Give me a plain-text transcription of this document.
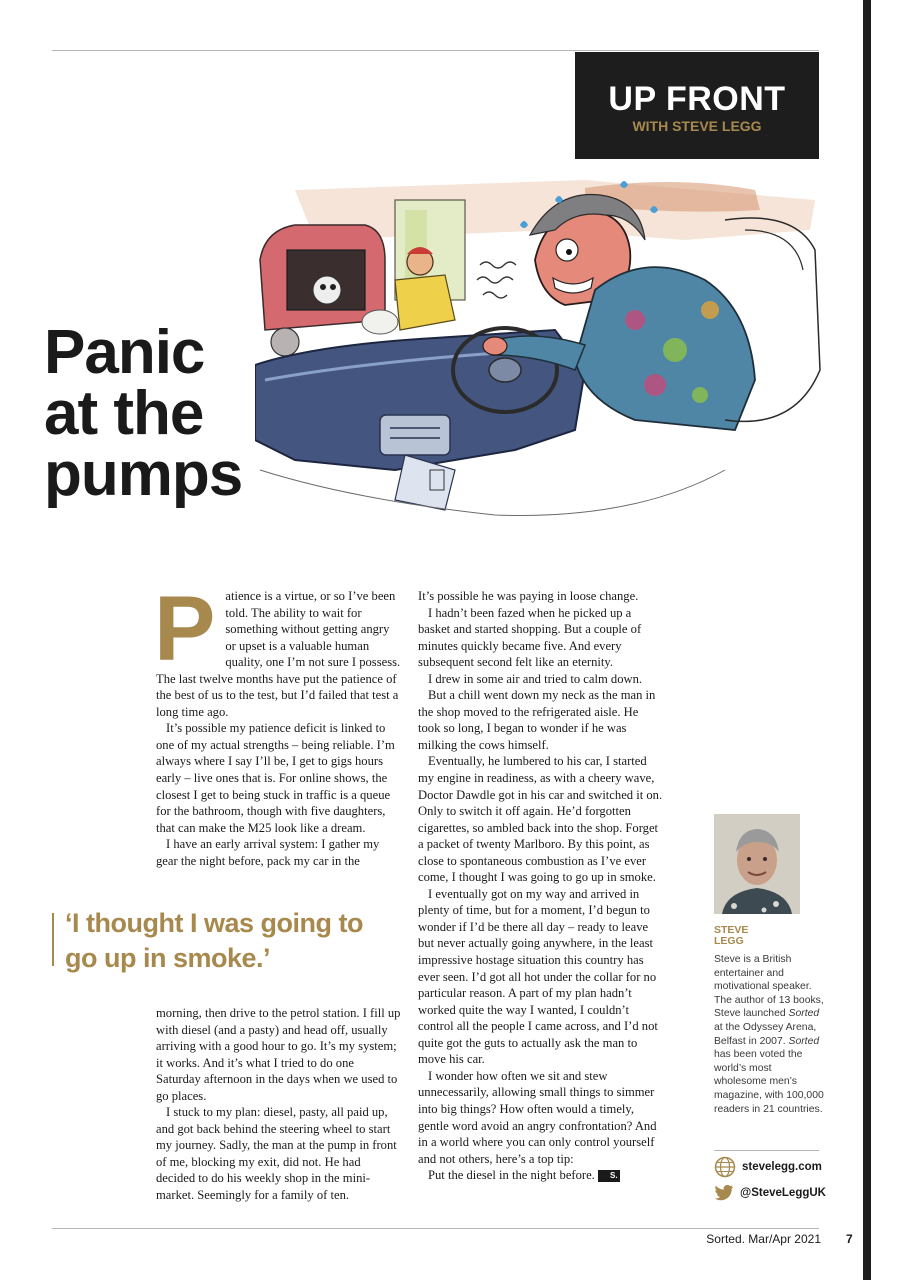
UP FRONT
WITH STEVE LEGG
Panic
at the
pumps

Patience is a virtue, or so I’ve been told. The ability to wait for something without getting angry or upset is a valuable human quality, one I’m not sure I possess. The last twelve months have put the patience of the best of us to the test, but I’d failed that test a long time ago.

It’s possible my patience deficit is linked to one of my actual strengths – being reliable. I’m always where I say I’ll be, I get to gigs hours early – live ones that is. For online shows, the closest I get to being stuck in traffic is a queue for the bathroom, though with five daughters, that can make the M25 look like a dream.

I have an early arrival system: I gather my gear the night before, pack my car in the

‘I thought I was going to go up in smoke.’

morning, then drive to the petrol station. I fill up with diesel (and a pasty) and head off, usually arriving with a good hour to go. It’s my system; it works. And it’s what I tried to do one Saturday afternoon in the days when we used to go places.

I stuck to my plan: diesel, pasty, all paid up, and got back behind the steering wheel to start my journey. Sadly, the man at the pump in front of me, blocking my exit, did not. He had decided to do his weekly shop in the mini-market. Seemingly for a family of ten.

It’s possible he was paying in loose change.

I hadn’t been fazed when he picked up a basket and started shopping. But a couple of minutes quickly became five. And every subsequent second felt like an eternity.

I drew in some air and tried to calm down.

But a chill went down my neck as the man in the shop moved to the refrigerated aisle. He took so long, I began to wonder if he was milking the cows himself.

Eventually, he lumbered to his car, I started my engine in readiness, as with a cheery wave, Doctor Dawdle got in his car and switched it on. Only to switch it off again. He’d forgotten cigarettes, so ambled back into the shop. Forget a packet of twenty Marlboro. By this point, as close to spontaneous combustion as I’ve ever come, I thought I was going to go up in smoke.

I eventually got on my way and arrived in plenty of time, but for a moment, I’d begun to wonder if I’d be there all day – ready to leave but never actually going anywhere, in the least impressive hostage situation this country has ever seen. I’d got all hot under the collar for no particular reason. A part of my plan hadn’t worked quite the way I wanted, I couldn’t control all the people I came across, and I’d not quite got the guts to actually ask the man to move his car.

I wonder how often we sit and stew unnecessarily, allowing small things to simmer into big things? How often would a timely, gentle word avoid an angry confrontation? And in a world where you can only control yourself and not others, here’s a top tip:

Put the diesel in the night before. S.

STEVE
LEGG
Steve is a British entertainer and motivational speaker. The author of 13 books, Steve launched Sorted at the Odyssey Arena, Belfast in 2007. Sorted has been voted the world’s most wholesome men’s magazine, with 100,000 readers in 21 countries.
stevelegg.com
@SteveLeggUK
Sorted. Mar/Apr 2021 7
